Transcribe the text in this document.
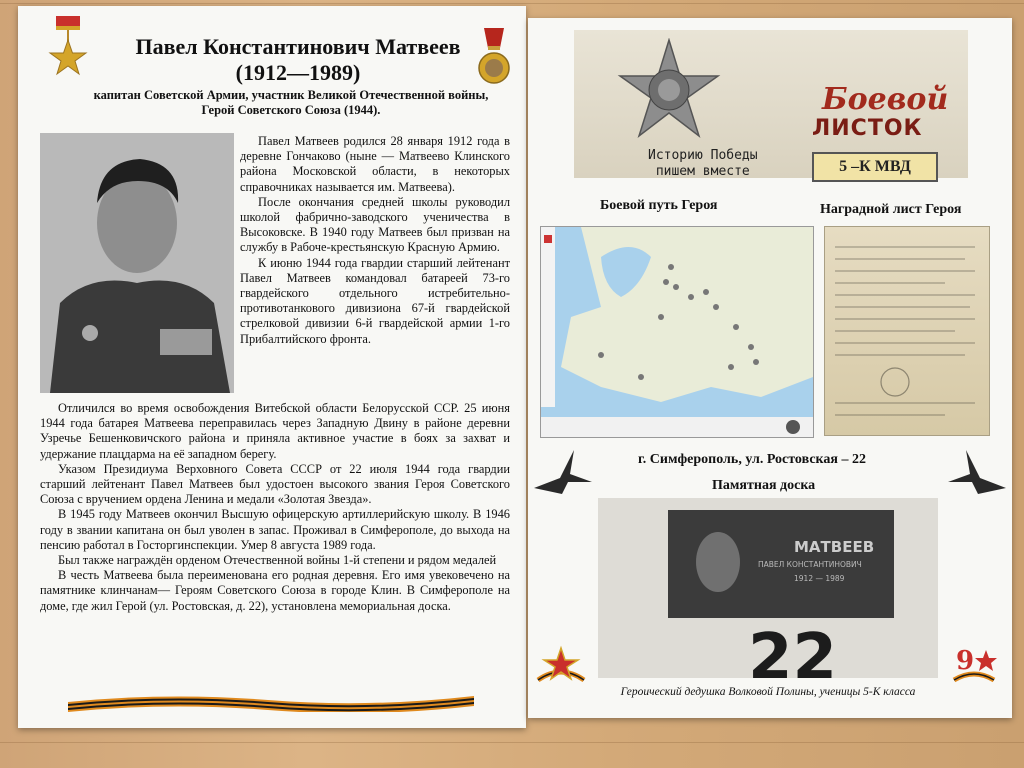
Павел Константинович Матвеев
(1912—1989)
капитан Советской Армии, участник Великой Отечественной войны,
Герой Советского Союза (1944).

Павел Матвеев родился 28 января 1912 года в деревне Гончаково (ныне — Матвеево Клинского района Московской области, в некоторых справочниках называется им. Матвеева).

После окончания средней школы руководил школой фабрично-заводского ученичества в Высоковске. В 1940 году Матвеев был призван на службу в Рабоче-крестьянскую Красную Армию.

К июню 1944 года гвардии старший лейтенант Павел Матвеев командовал батареей 73-го гвардейского отдельного истребительно-противотанкового дивизиона 67-й гвардейской стрелковой дивизии 6-й гвардейской армии 1-го Прибалтийского фронта.

Отличился во время освобождения Витебской области Белорусской ССР. 25 июня 1944 года батарея Матвеева переправилась через Западную Двину в районе деревни Узречье Бешенковичского района и приняла активное участие в боях за захват и удержание плацдарма на её западном берегу.

Указом Президиума Верховного Совета СССР от 22 июля 1944 года гвардии старший лейтенант Павел Матвеев был удостоен высокого звания Героя Советского Союза с вручением ордена Ленина и медали «Золотая Звезда».

В 1945 году Матвеев окончил Высшую офицерскую артиллерийскую школу. В 1946 году в звании капитана он был уволен в запас. Проживал в Симферополе, до выхода на пенсию работал в Госторгинспекции. Умер 8 августа 1989 года.

Был также награждён орденом Отечественной войны 1-й степени и рядом медалей

В честь Матвеева была переименована его родная деревня. Его имя увековечено на памятнике клинчанам— Героям Советского Союза в городе Клин. В Симферополе на доме, где жил Герой (ул. Ростовская, д. 22), установлена мемориальная доска.

Историю Победы
пишем вместе
Боевой
ЛИСТОК
5 –К МВД
Боевой путь Героя	Наградной лист Героя
г. Симферополь, ул. Ростовская – 22
Памятная доска
МАТВЕЕВ
ПАВЕЛ КОНСТАНТИНОВИЧ
1912 — 1989
22	9
Героический дедушка Волковой Полины, ученицы 5-К класса
